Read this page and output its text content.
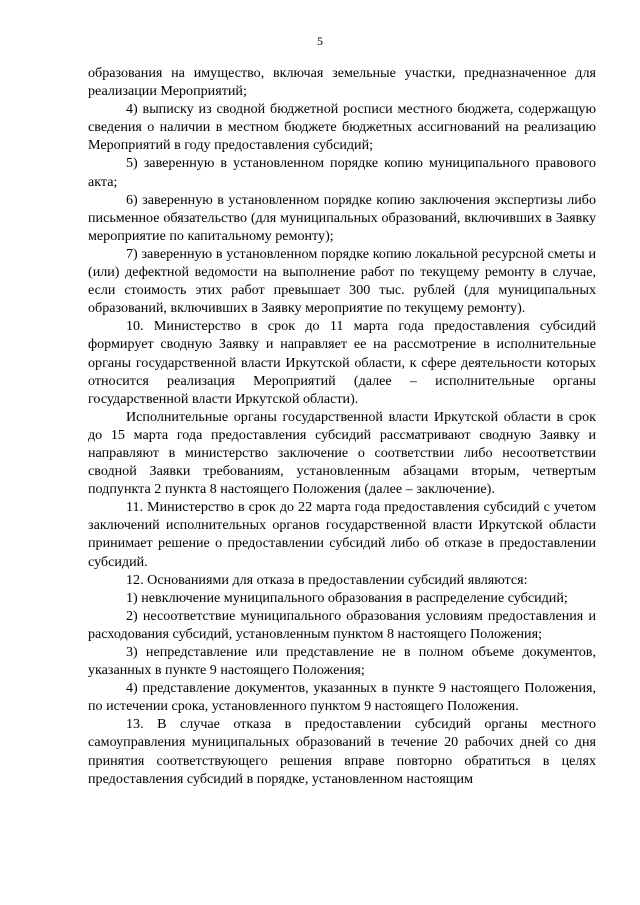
5

образования на имущество, включая земельные участки, предназначенное для реализации Мероприятий;

4) выписку из сводной бюджетной росписи местного бюджета, содержащую сведения о наличии в местном бюджете бюджетных ассигнований на реализацию Мероприятий в году предоставления субсидий;

5) заверенную в установленном порядке копию муниципального правового акта;

6) заверенную в установленном порядке копию заключения экспертизы либо письменное обязательство (для муниципальных образований, включивших в Заявку мероприятие по капитальному ремонту);

7) заверенную в установленном порядке копию локальной ресурсной сметы и (или) дефектной ведомости на выполнение работ по текущему ремонту в случае, если стоимость этих работ превышает 300 тыс. рублей (для муниципальных образований, включивших в Заявку мероприятие по текущему ремонту).

10. Министерство в срок до 11 марта года предоставления субсидий формирует сводную Заявку и направляет ее на рассмотрение в исполнительные органы государственной власти Иркутской области, к сфере деятельности которых относится реализация Мероприятий (далее – исполнительные органы государственной власти Иркутской области).

Исполнительные органы государственной власти Иркутской области в срок до 15 марта года предоставления субсидий рассматривают сводную Заявку и направляют в министерство заключение о соответствии либо несоответствии сводной Заявки требованиям, установленным абзацами вторым, четвертым подпункта 2 пункта 8 настоящего Положения (далее – заключение).

11. Министерство в срок до 22 марта года предоставления субсидий с учетом заключений исполнительных органов государственной власти Иркутской области принимает решение о предоставлении субсидий либо об отказе в предоставлении субсидий.

12. Основаниями для отказа в предоставлении субсидий являются:

1) невключение муниципального образования в распределение субсидий;

2) несоответствие муниципального образования условиям предоставления и расходования субсидий, установленным пунктом 8 настоящего Положения;

3) непредставление или представление не в полном объеме документов, указанных в пункте 9 настоящего Положения;

4) представление документов, указанных в пункте 9 настоящего Положения, по истечении срока, установленного пунктом 9 настоящего Положения.

13. В случае отказа в предоставлении субсидий органы местного самоуправления муниципальных образований в течение 20 рабочих дней со дня принятия соответствующего решения вправе повторно обратиться в целях предоставления субсидий в порядке, установленном настоящим
